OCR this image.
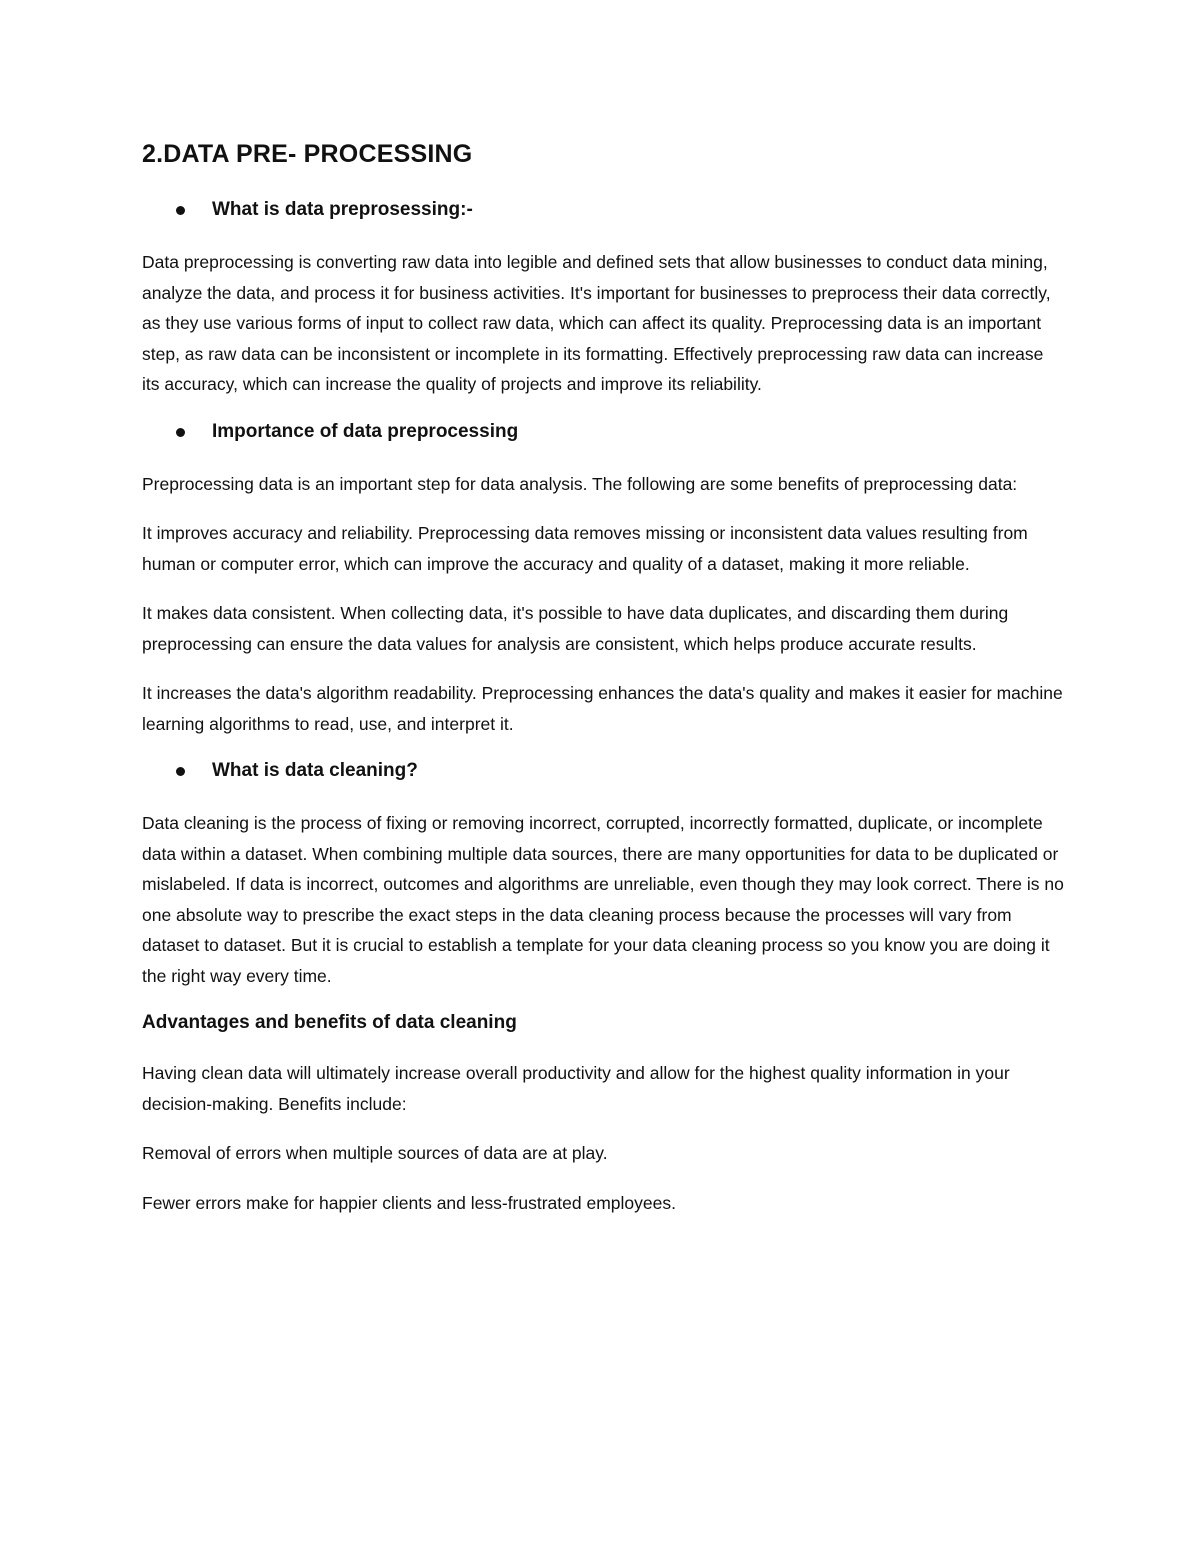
2.DATA PRE- PROCESSING
What is data preprosessing:-

Data preprocessing is converting raw data into legible and defined sets that allow businesses to conduct data mining, analyze the data, and process it for business activities. It's important for businesses to preprocess their data correctly, as they use various forms of input to collect raw data, which can affect its quality. Preprocessing data is an important step, as raw data can be inconsistent or incomplete in its formatting. Effectively preprocessing raw data can increase its accuracy, which can increase the quality of projects and improve its reliability.

Importance of data preprocessing

Preprocessing data is an important step for data analysis. The following are some benefits of preprocessing data:

It improves accuracy and reliability. Preprocessing data removes missing or inconsistent data values resulting from human or computer error, which can improve the accuracy and quality of a dataset, making it more reliable.

It makes data consistent. When collecting data, it's possible to have data duplicates, and discarding them during preprocessing can ensure the data values for analysis are consistent, which helps produce accurate results.

It increases the data's algorithm readability. Preprocessing enhances the data's quality and makes it easier for machine learning algorithms to read, use, and interpret it.

What is data cleaning?

Data cleaning is the process of fixing or removing incorrect, corrupted, incorrectly formatted, duplicate, or incomplete data within a dataset. When combining multiple data sources, there are many opportunities for data to be duplicated or mislabeled. If data is incorrect, outcomes and algorithms are unreliable, even though they may look correct. There is no one absolute way to prescribe the exact steps in the data cleaning process because the processes will vary from dataset to dataset. But it is crucial to establish a template for your data cleaning process so you know you are doing it the right way every time.

Advantages and benefits of data cleaning

Having clean data will ultimately increase overall productivity and allow for the highest quality information in your decision-making. Benefits include:

Removal of errors when multiple sources of data are at play.

Fewer errors make for happier clients and less-frustrated employees.
